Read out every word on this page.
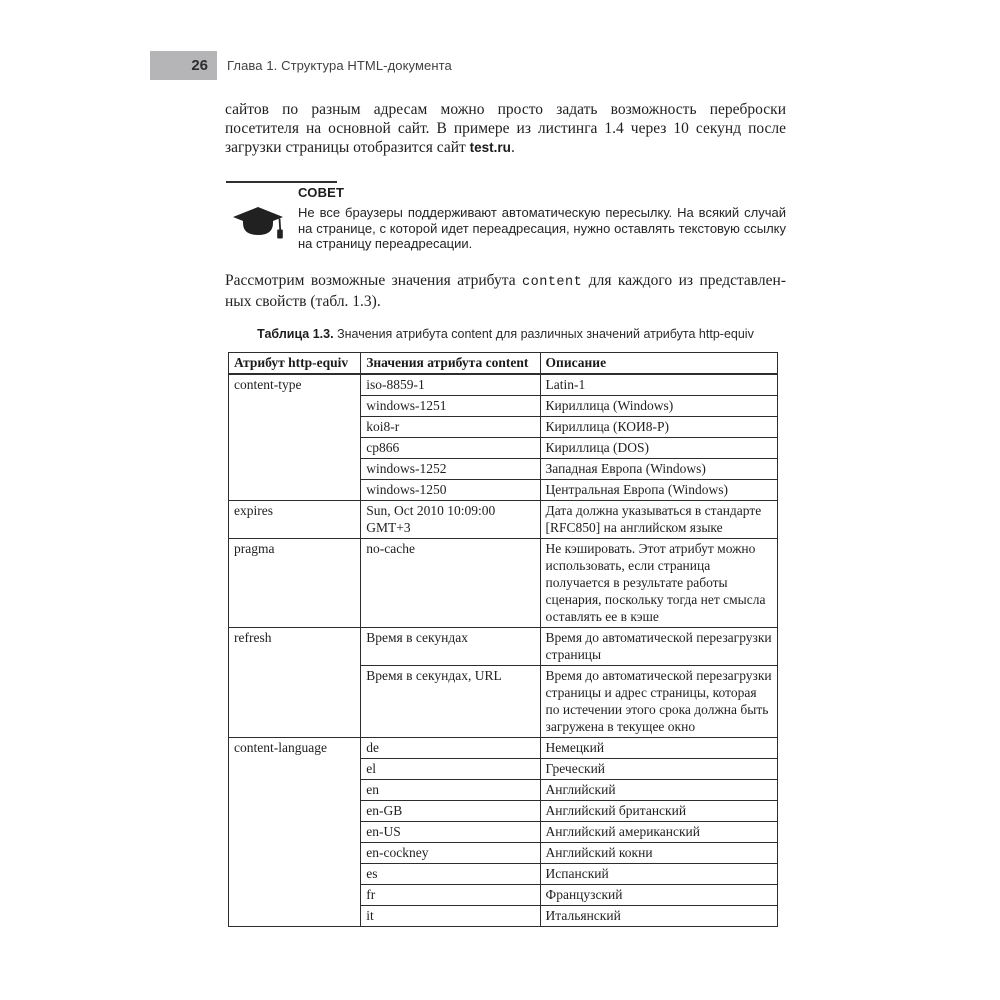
26	Глава 1. Структура HTML-документа
сайтов по разным адресам можно просто задать возможность переброски посетителя на основной сайт. В примере из листинга 1.4 через 10 секунд после загрузки страницы отобразится сайт test.ru.
СОВЕТ
Не все браузеры поддерживают автоматическую пересылку. На всякий случай на странице, с которой идет переадресация, нужно оставлять текстовую ссылку на страницу переадресации.
Рассмотрим возможные значения атрибута content для каждого из представленных свойств (табл. 1.3).
Таблица 1.3. Значения атрибута content для различных значений атрибута http-equiv
Атрибут http-equiv	Значения атрибута content	Описание
content-type	iso-8859-1	Latin-1
	windows-1251	Кириллица (Windows)
	koi8-r	Кириллица (КОИ8-Р)
	cp866	Кириллица (DOS)
	windows-1252	Западная Европа (Windows)
	windows-1250	Центральная Европа (Windows)
expires	Sun, Oct 2010 10:09:00 GMT+3	Дата должна указываться в стандарте [RFC850] на английском языке
pragma	no-cache	Не кэшировать. Этот атрибут можно использовать, если страница получается в результате работы сценария, поскольку тогда нет смысла оставлять ее в кэше
refresh	Время в секундах	Время до автоматической перезагрузки страницы
	Время в секундах, URL	Время до автоматической перезагрузки страницы и адрес страницы, которая по истечении этого срока должна быть загружена в текущее окно
content-language	de	Немецкий
	el	Греческий
	en	Английский
	en-GB	Английский британский
	en-US	Английский американский
	en-cockney	Английский кокни
	es	Испанский
	fr	Французский
	it	Итальянский
